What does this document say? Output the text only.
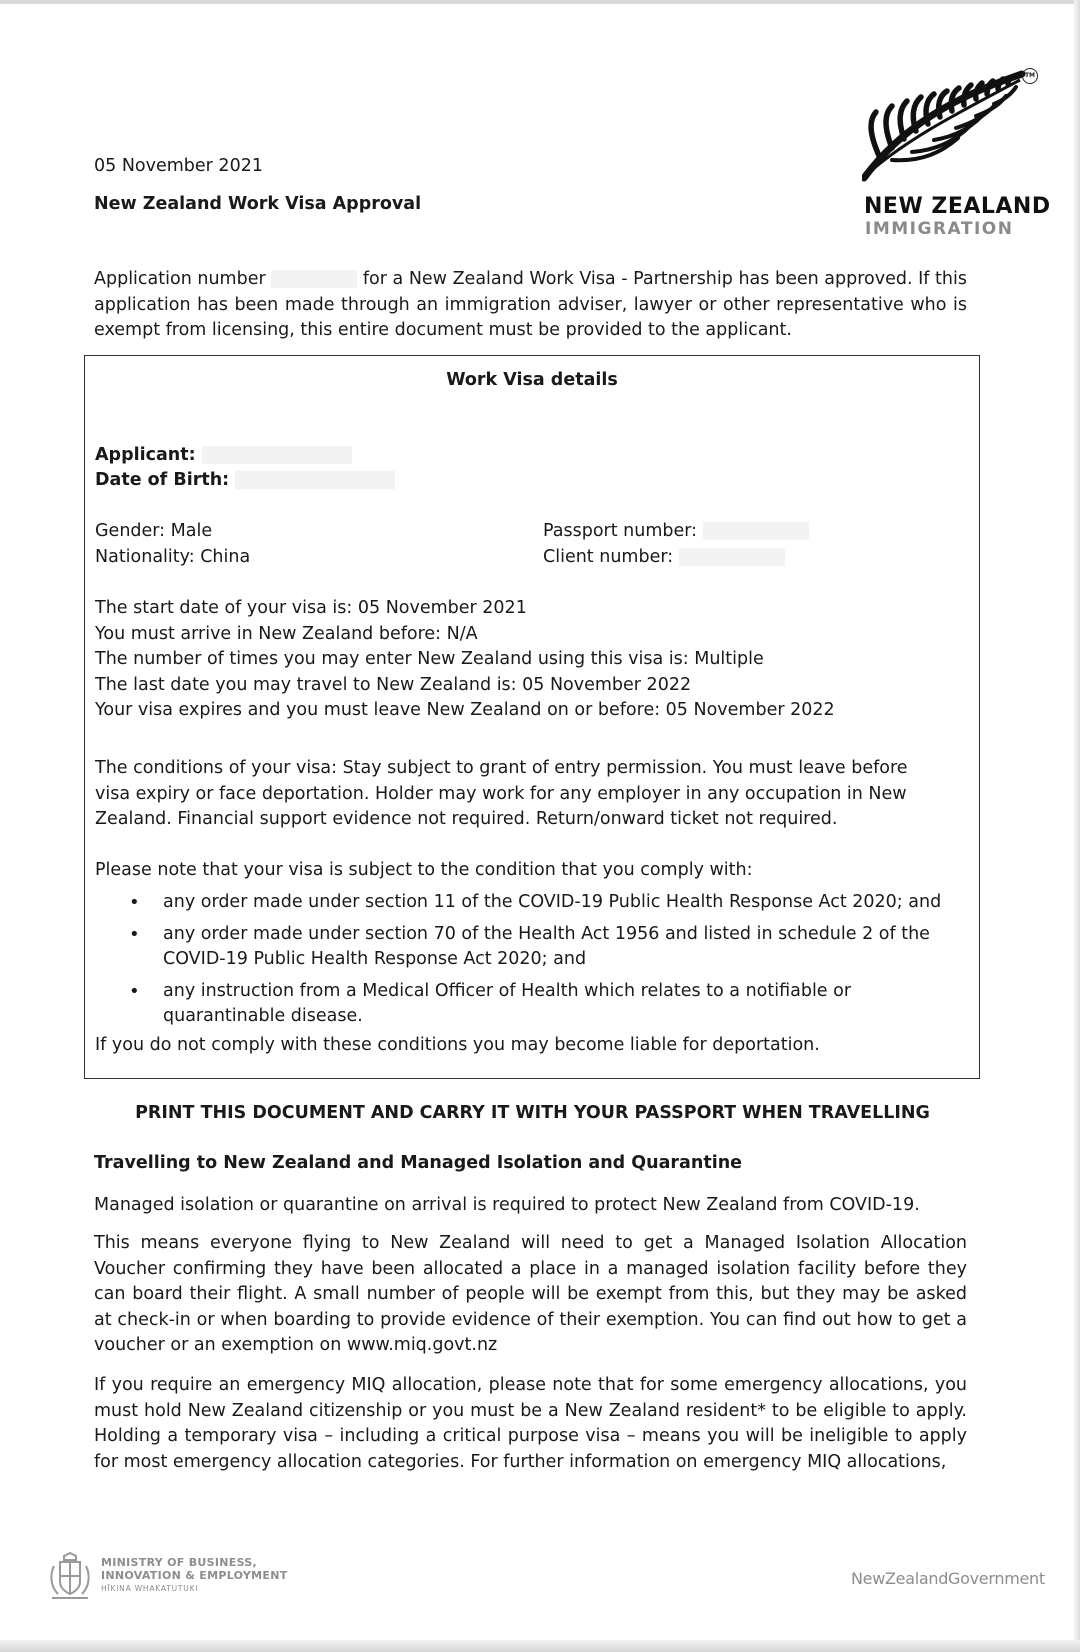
TM
NEW ZEALAND
IMMIGRATION
05 November 2021
New Zealand Work Visa Approval
Application number	for a New Zealand Work Visa - Partnership has been approved. If this application has been made through an immigration adviser, lawyer or other representative who is exempt from licensing, this entire document must be provided to the applicant.
Work Visa details
Applicant:
Date of Birth:
Gender: Male
Nationality: China
Passport number:
Client number:
The start date of your visa is: 05 November 2021
You must arrive in New Zealand before: N/A
The number of times you may enter New Zealand using this visa is: Multiple
The last date you may travel to New Zealand is: 05 November 2022
Your visa expires and you must leave New Zealand on or before: 05 November 2022
The conditions of your visa: Stay subject to grant of entry permission. You must leave before visa expiry or face deportation. Holder may work for any employer in any occupation in New Zealand. Financial support evidence not required. Return/onward ticket not required.
Please note that your visa is subject to the condition that you comply with:
• any order made under section 11 of the COVID-19 Public Health Response Act 2020; and
• any order made under section 70 of the Health Act 1956 and listed in schedule 2 of the COVID-19 Public Health Response Act 2020; and
• any instruction from a Medical Officer of Health which relates to a notifiable or quarantinable disease.
If you do not comply with these conditions you may become liable for deportation.
PRINT THIS DOCUMENT AND CARRY IT WITH YOUR PASSPORT WHEN TRAVELLING
Travelling to New Zealand and Managed Isolation and Quarantine
Managed isolation or quarantine on arrival is required to protect New Zealand from COVID-19.
This means everyone flying to New Zealand will need to get a Managed Isolation Allocation Voucher confirming they have been allocated a place in a managed isolation facility before they can board their flight. A small number of people will be exempt from this, but they may be asked at check-in or when boarding to provide evidence of their exemption. You can find out how to get a voucher or an exemption on www.miq.govt.nz
If you require an emergency MIQ allocation, please note that for some emergency allocations, you must hold New Zealand citizenship or you must be a New Zealand resident* to be eligible to apply. Holding a temporary visa – including a critical purpose visa – means you will be ineligible to apply for most emergency allocation categories. For further information on emergency MIQ allocations,
MINISTRY OF BUSINESS,
INNOVATION & EMPLOYMENT
HĪKINA WHAKATUTUKI
NewZealandGovernment
